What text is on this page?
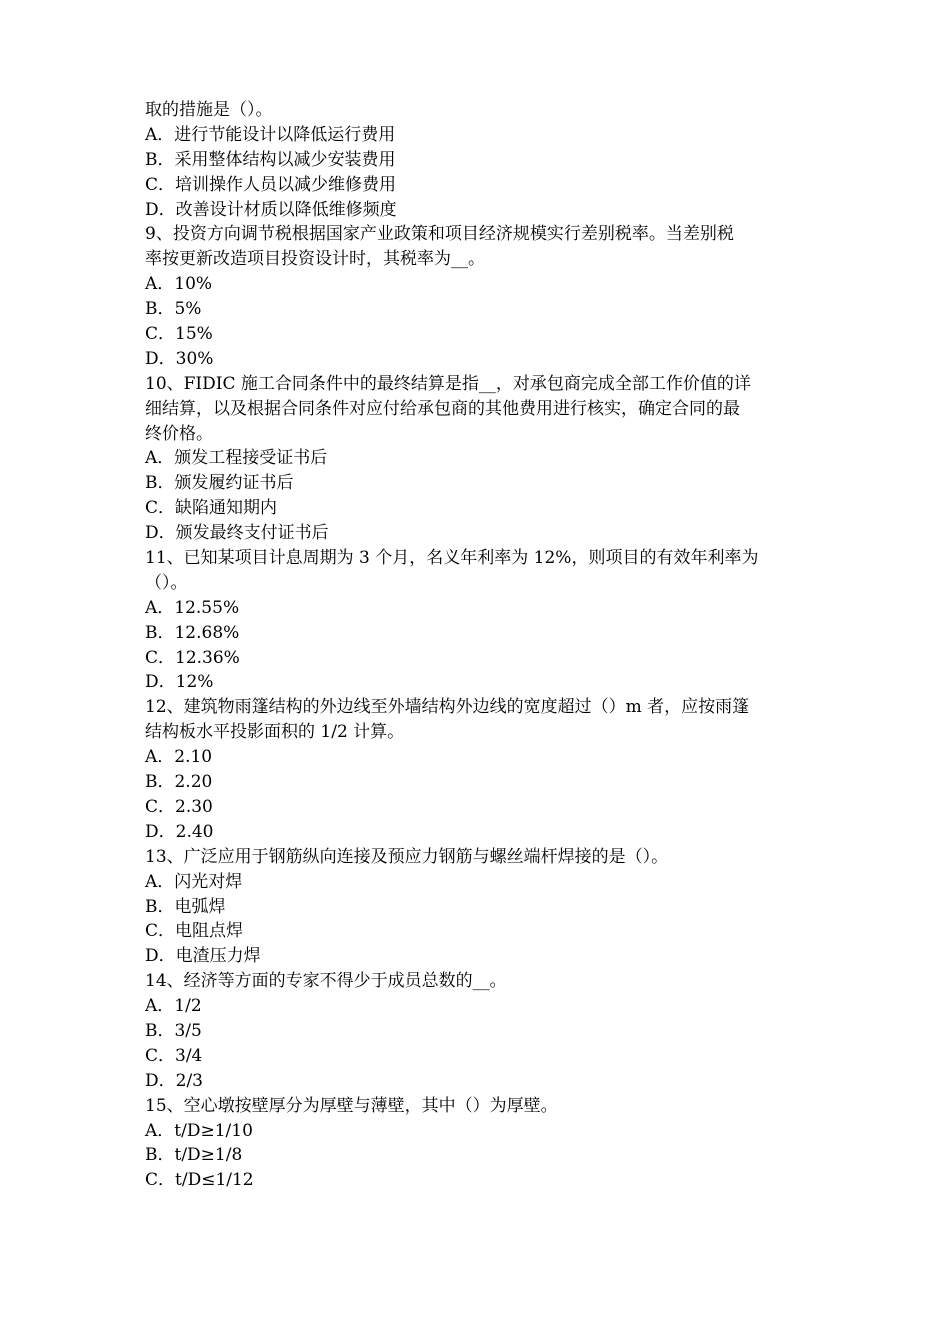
取的措施是（）。
A．进行节能设计以降低运行费用
B．采用整体结构以减少安装费用
C．培训操作人员以减少维修费用
D．改善设计材质以降低维修频度
9、投资方向调节税根据国家产业政策和项目经济规模实行差别税率。当差别税
率按更新改造项目投资设计时，其税率为__。
A．10%
B．5%
C．15%
D．30%
10、FIDIC 施工合同条件中的最终结算是指__，对承包商完成全部工作价值的详
细结算，以及根据合同条件对应付给承包商的其他费用进行核实，确定合同的最
终价格。
A．颁发工程接受证书后
B．颁发履约证书后
C．缺陷通知期内
D．颁发最终支付证书后
11、已知某项目计息周期为 3 个月，名义年利率为 12%，则项目的有效年利率为
（）。
A．12.55%
B．12.68%
C．12.36%
D．12%
12、建筑物雨篷结构的外边线至外墙结构外边线的宽度超过（）m 者，应按雨篷
结构板水平投影面积的 1/2 计算。
A．2.10
B．2.20
C．2.30
D．2.40
13、广泛应用于钢筋纵向连接及预应力钢筋与螺丝端杆焊接的是（）。
A．闪光对焊
B．电弧焊
C．电阻点焊
D．电渣压力焊
14、经济等方面的专家不得少于成员总数的__。
A．1/2
B．3/5
C．3/4
D．2/3
15、空心墩按壁厚分为厚壁与薄壁，其中（）为厚壁。
A．t/D≥1/10
B．t/D≥1/8
C．t/D≤1/12
